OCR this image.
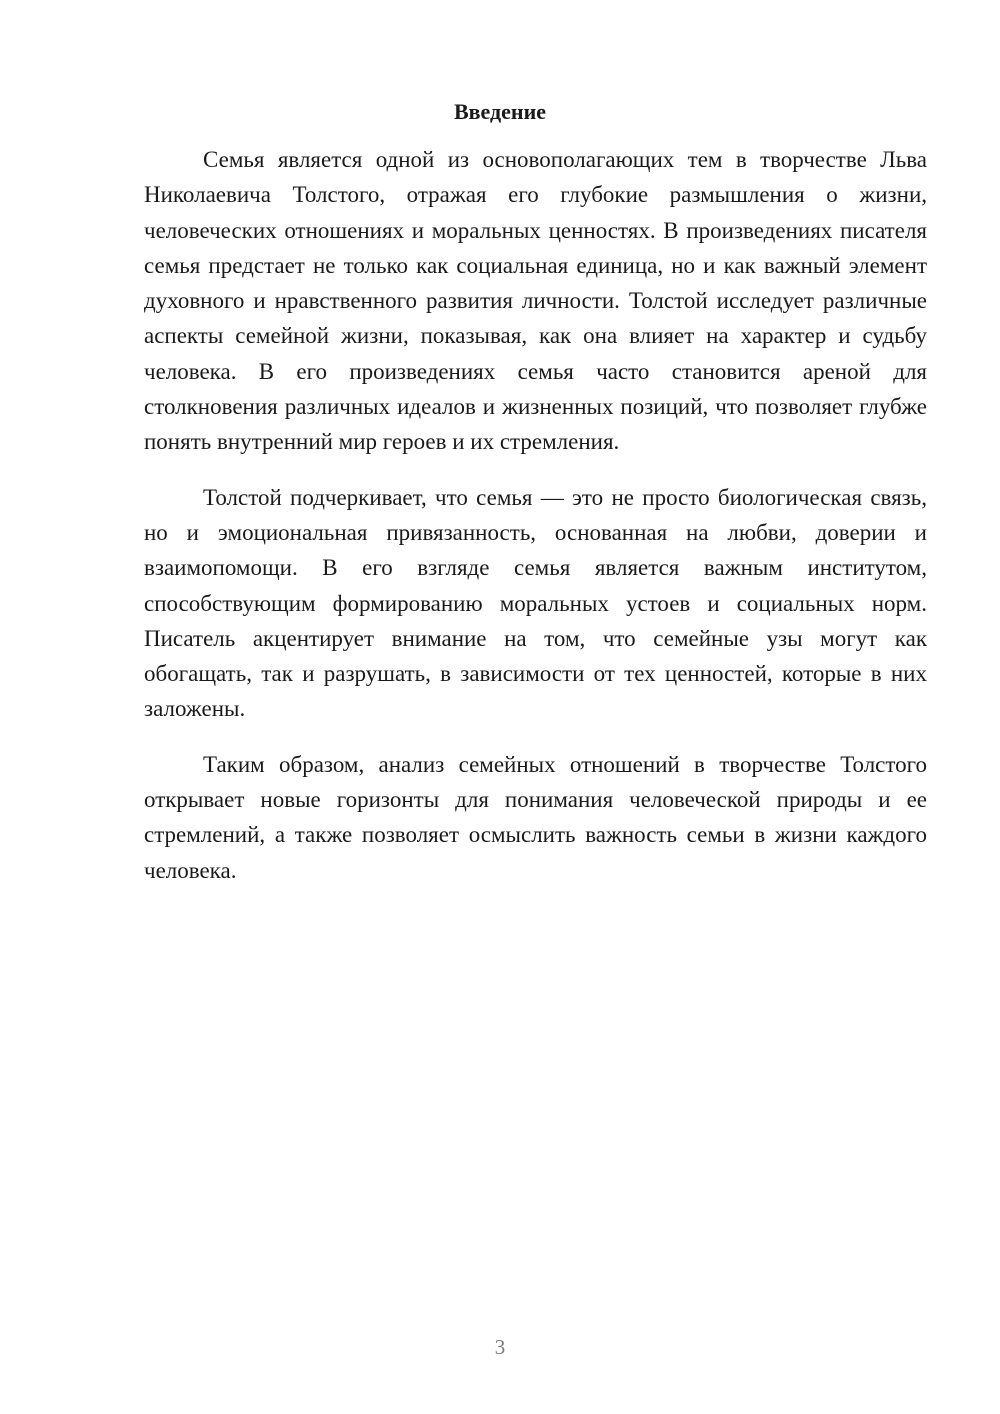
Введение

Семья является одной из основополагающих тем в творчестве Льва Николаевича Толстого, отражая его глубокие размышления о жизни, человеческих отношениях и моральных ценностях. В произведениях писателя семья предстает не только как социальная единица, но и как важный элемент духовного и нравственного развития личности. Толстой исследует различные аспекты семейной жизни, показывая, как она влияет на характер и судьбу человека. В его произведениях семья часто становится ареной для столкновения различных идеалов и жизненных позиций, что позволяет глубже понять внутренний мир героев и их стремления.

Толстой подчеркивает, что семья — это не просто биологическая связь, но и эмоциональная привязанность, основанная на любви, доверии и взаимопомощи. В его взгляде семья является важным институтом, способствующим формированию моральных устоев и социальных норм. Писатель акцентирует внимание на том, что семейные узы могут как обогащать, так и разрушать, в зависимости от тех ценностей, которые в них заложены.

Таким образом, анализ семейных отношений в творчестве Толстого открывает новые горизонты для понимания человеческой природы и ее стремлений, а также позволяет осмыслить важность семьи в жизни каждого человека.

3
